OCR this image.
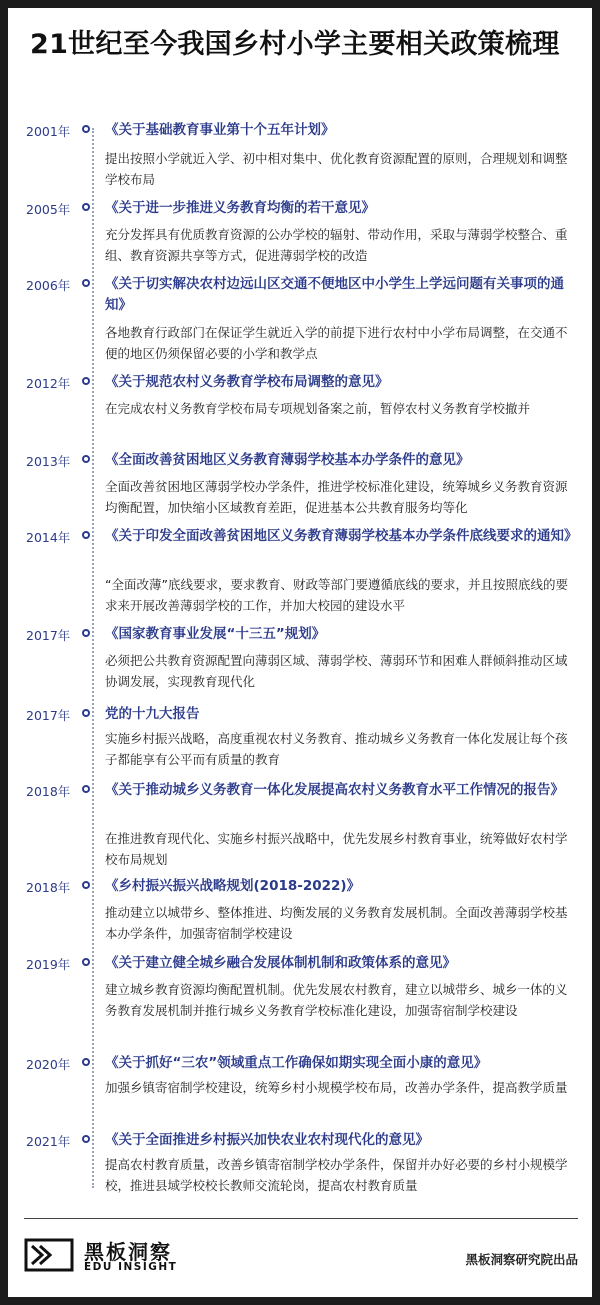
21世纪至今我国乡村小学主要相关政策梳理
2001年	《关于基础教育事业第十个五年计划》

提出按照小学就近入学、初中相对集中、优化教育资源配置的原则，合理规划和调整学校布局

2005年	《关于进一步推进义务教育均衡的若干意见》

充分发挥具有优质教育资源的公办学校的辐射、带动作用，采取与薄弱学校整合、重组、教育资源共享等方式，促进薄弱学校的改造

2006年	《关于切实解决农村边远山区交通不便地区中小学生上学远问题有关事项的通知》

各地教育行政部门在保证学生就近入学的前提下进行农村中小学布局调整，在交通不便的地区仍须保留必要的小学和教学点

2012年	《关于规范农村义务教育学校布局调整的意见》

在完成农村义务教育学校布局专项规划备案之前，暂停农村义务教育学校撤并

2013年	《全面改善贫困地区义务教育薄弱学校基本办学条件的意见》

全面改善贫困地区薄弱学校办学条件，推进学校标准化建设，统筹城乡义务教育资源均衡配置，加快缩小区域教育差距，促进基本公共教育服务均等化

2014年	《关于印发全面改善贫困地区义务教育薄弱学校基本办学条件底线要求的通知》

“全面改薄”底线要求，要求教育、财政等部门要遵循底线的要求，并且按照底线的要求来开展改善薄弱学校的工作，并加大校园的建设水平

2017年	《国家教育事业发展“十三五”规划》

必须把公共教育资源配置向薄弱区域、薄弱学校、薄弱环节和困难人群倾斜推动区域协调发展，实现教育现代化

2017年	党的十九大报告

实施乡村振兴战略，高度重视农村义务教育、推动城乡义务教育一体化发展让每个孩子都能享有公平而有质量的教育

2018年	《关于推动城乡义务教育一体化发展提高农村义务教育水平工作情况的报告》

在推进教育现代化、实施乡村振兴战略中，优先发展乡村教育事业，统筹做好农村学校布局规划

2018年	《乡村振兴振兴战略规划(2018-2022)》

推动建立以城带乡、整体推进、均衡发展的义务教育发展机制。全面改善薄弱学校基本办学条件，加强寄宿制学校建设

2019年	《关于建立健全城乡融合发展体制机制和政策体系的意见》

建立城乡教育资源均衡配置机制。优先发展农村教育，建立以城带乡、城乡一体的义务教育发展机制并推行城乡义务教育学校标准化建设，加强寄宿制学校建设

2020年	《关于抓好“三农”领域重点工作确保如期实现全面小康的意见》

加强乡镇寄宿制学校建设，统筹乡村小规模学校布局，改善办学条件，提高教学质量

2021年	《关于全面推进乡村振兴加快农业农村现代化的意见》

提高农村教育质量，改善乡镇寄宿制学校办学条件，保留并办好必要的乡村小规模学校，推进县域学校校长教师交流轮岗，提高农村教育质量

黑板洞察
EDU INSIGHT	黑板洞察研究院出品
